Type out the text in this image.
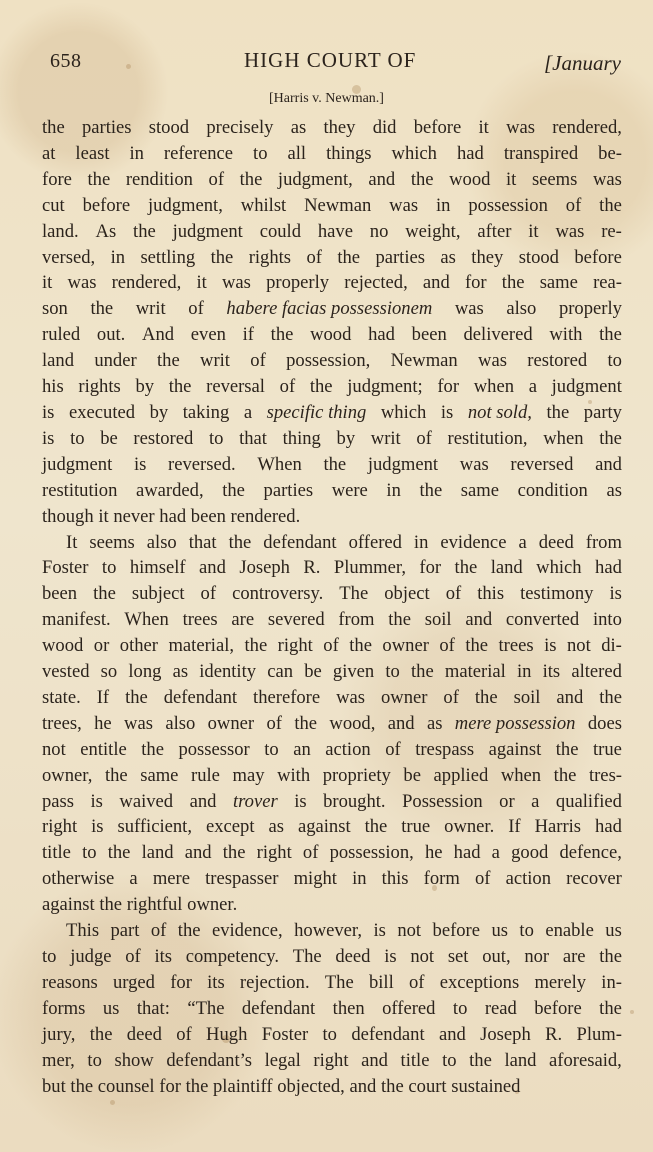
658	HIGH COURT OF	[January
[Harris v. Newman.]
the parties stood precisely as they did before it was rendered,
at least in reference to all things which had transpired be-
fore the rendition of the judgment, and the wood it seems was
cut before judgment, whilst Newman was in possession of the
land. As the judgment could have no weight, after it was re-
versed, in settling the rights of the parties as they stood before
it was rendered, it was properly rejected, and for the same rea-
son the writ of habere facias possessionem was also properly
ruled out. And even if the wood had been delivered with the
land under the writ of possession, Newman was restored to
his rights by the reversal of the judgment; for when a judgment
is executed by taking a specific thing which is not sold, the party
is to be restored to that thing by writ of restitution, when the
judgment is reversed. When the judgment was reversed and
restitution awarded, the parties were in the same condition as
though it never had been rendered.
It seems also that the defendant offered in evidence a deed from
Foster to himself and Joseph R. Plummer, for the land which had
been the subject of controversy. The object of this testimony is
manifest. When trees are severed from the soil and converted into
wood or other material, the right of the owner of the trees is not di-
vested so long as identity can be given to the material in its altered
state. If the defendant therefore was owner of the soil and the
trees, he was also owner of the wood, and as mere possession does
not entitle the possessor to an action of trespass against the true
owner, the same rule may with propriety be applied when the tres-
pass is waived and trover is brought. Possession or a qualified
right is sufficient, except as against the true owner. If Harris had
title to the land and the right of possession, he had a good defence,
otherwise a mere trespasser might in this form of action recover
against the rightful owner.
This part of the evidence, however, is not before us to enable us
to judge of its competency. The deed is not set out, nor are the
reasons urged for its rejection. The bill of exceptions merely in-
forms us that: “The defendant then offered to read before the
jury, the deed of Hugh Foster to defendant and Joseph R. Plum-
mer, to show defendant’s legal right and title to the land aforesaid,
but the counsel for the plaintiff objected, and the court sustained
